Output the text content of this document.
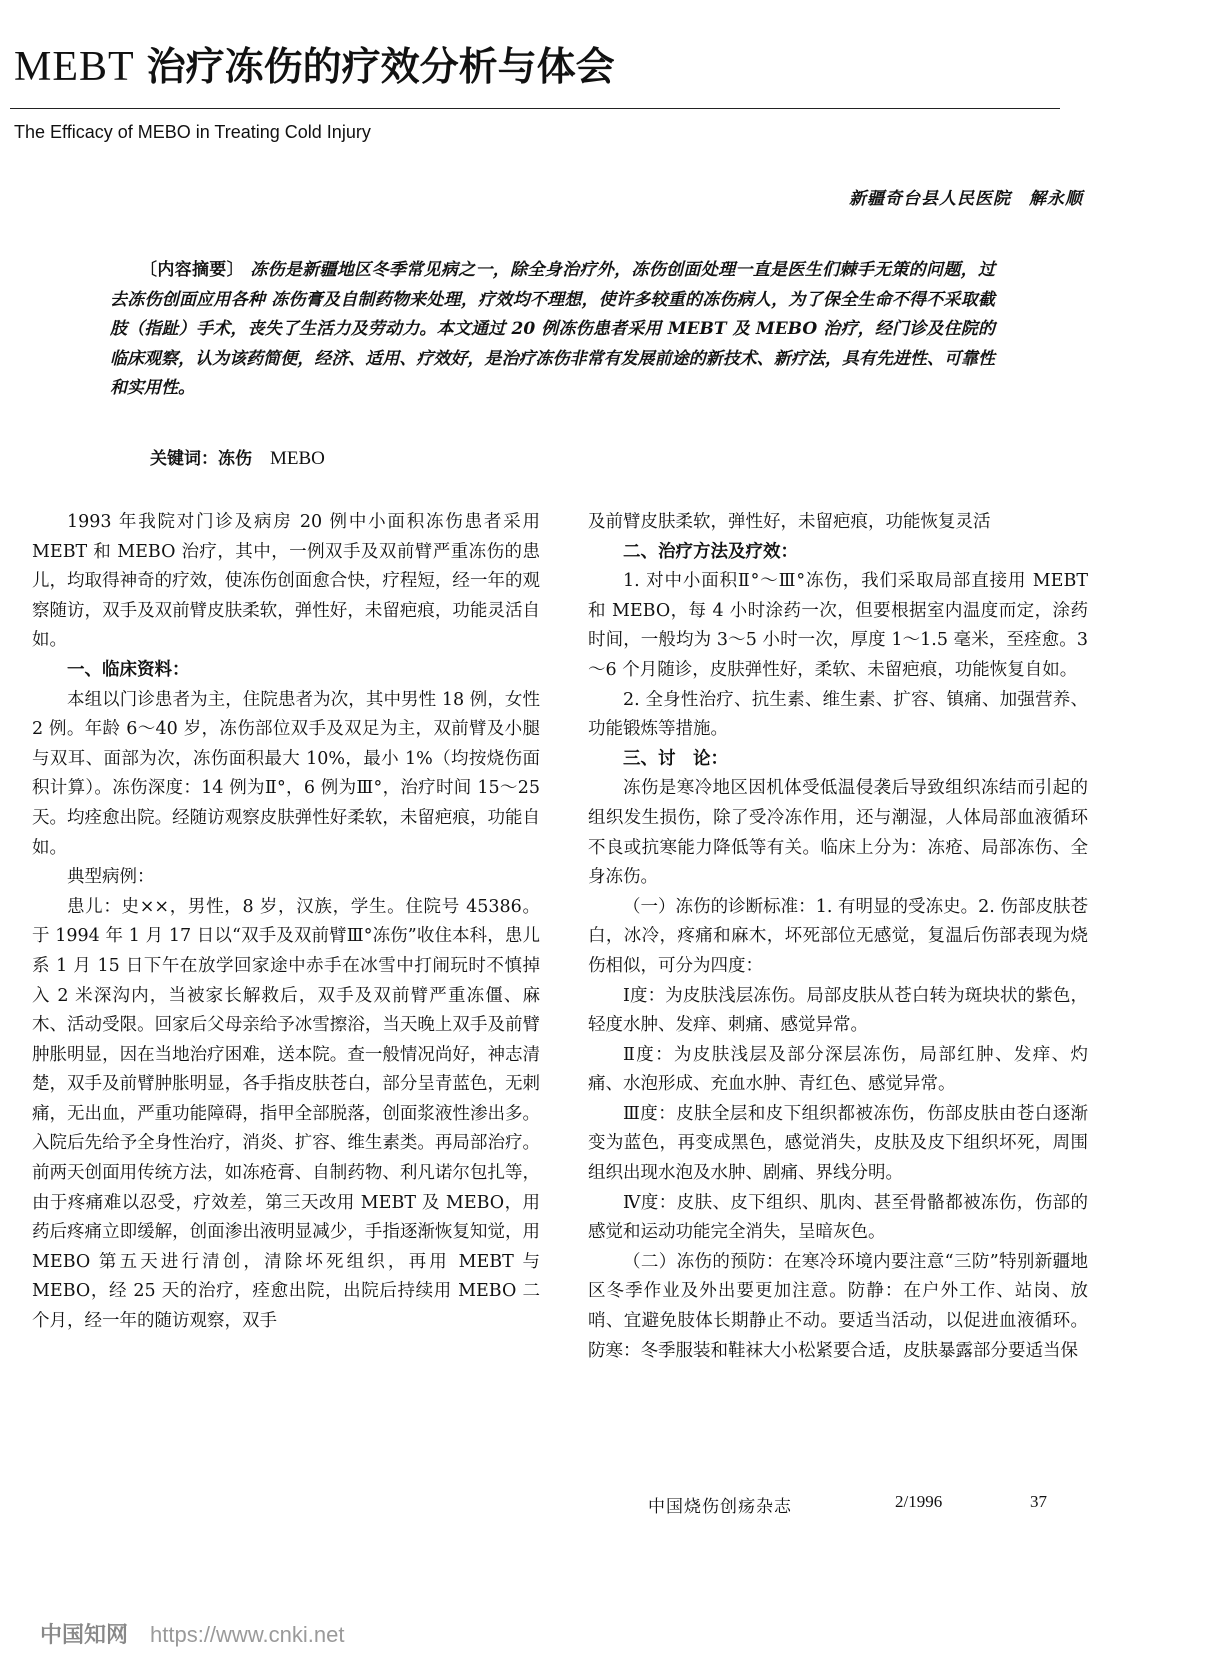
MEBT 治疗冻伤的疗效分析与体会
The Efficacy of MEBO in Treating Cold Injury
新疆奇台县人民医院 解永顺
〔内容摘要〕 冻伤是新疆地区冬季常见病之一，除全身治疗外，冻伤创面处理一直是医生们棘手无策的问题，过去冻伤创面应用各种 冻伤膏及自制药物来处理，疗效均不理想，使许多较重的冻伤病人，为了保全生命不得不采取截肢（指趾）手术，丧失了生活力及劳动力。本文通过 20 例冻伤患者采用 MEBT 及 MEBO 治疗，经门诊及住院的临床观察，认为该药简便，经济、适用、疗效好，是治疗冻伤非常有发展前途的新技术、新疗法，具有先进性、可靠性和实用性。
关键词：冻伤 MEBO

1993 年我院对门诊及病房 20 例中小面积冻伤患者采用MEBT 和 MEBO 治疗，其中，一例双手及双前臂严重冻伤的患儿，均取得神奇的疗效，使冻伤创面愈合快，疗程短，经一年的观察随访，双手及双前臂皮肤柔软，弹性好，未留疤痕，功能灵活自如。

一、临床资料：

本组以门诊患者为主，住院患者为次，其中男性 18 例，女性 2 例。年龄 6～40 岁，冻伤部位双手及双足为主，双前臂及小腿与双耳、面部为次，冻伤面积最大 10%，最小 1%（均按烧伤面积计算）。冻伤深度：14 例为Ⅱ°，6 例为Ⅲ°，治疗时间 15～25 天。均痊愈出院。经随访观察皮肤弹性好柔软，未留疤痕，功能自如。

典型病例：

患儿：史××，男性，8 岁，汉族，学生。住院号 45386。于 1994 年 1 月 17 日以“双手及双前臂Ⅲ°冻伤”收住本科，患儿系 1 月 15 日下午在放学回家途中赤手在冰雪中打闹玩时不慎掉入 2 米深沟内，当被家长解救后，双手及双前臂严重冻僵、麻木、活动受限。回家后父母亲给予冰雪擦浴，当天晚上双手及前臂肿胀明显，因在当地治疗困难，送本院。查一般情况尚好，神志清楚，双手及前臂肿胀明显，各手指皮肤苍白，部分呈青蓝色，无刺痛，无出血，严重功能障碍，指甲全部脱落，创面浆液性渗出多。入院后先给予全身性治疗，消炎、扩容、维生素类。再局部治疗。前两天创面用传统方法，如冻疮膏、自制药物、利凡诺尔包扎等，由于疼痛难以忍受，疗效差，第三天改用 MEBT 及 MEBO，用药后疼痛立即缓解，创面渗出液明显减少，手指逐渐恢复知觉，用 MEBO 第五天进行清创，清除坏死组织，再用 MEBT 与 MEBO，经 25 天的治疗，痊愈出院，出院后持续用 MEBO 二个月，经一年的随访观察，双手

及前臂皮肤柔软，弹性好，未留疤痕，功能恢复灵活

二、治疗方法及疗效：

1. 对中小面积Ⅱ°～Ⅲ°冻伤，我们采取局部直接用 MEBT 和 MEBO，每 4 小时涂药一次，但要根据室内温度而定，涂药时间，一般均为 3～5 小时一次，厚度 1～1.5 毫米，至痊愈。3～6 个月随诊，皮肤弹性好，柔软、未留疤痕，功能恢复自如。

2. 全身性治疗、抗生素、维生素、扩容、镇痛、加强营养、功能锻炼等措施。

三、讨　论：

冻伤是寒冷地区因机体受低温侵袭后导致组织冻结而引起的组织发生损伤，除了受冷冻作用，还与潮湿，人体局部血液循环不良或抗寒能力降低等有关。临床上分为：冻疮、局部冻伤、全身冻伤。

（一）冻伤的诊断标准：1. 有明显的受冻史。2. 伤部皮肤苍白，冰冷，疼痛和麻木，坏死部位无感觉，复温后伤部表现为烧伤相似，可分为四度：

Ⅰ度：为皮肤浅层冻伤。局部皮肤从苍白转为斑块状的紫色，轻度水肿、发痒、刺痛、感觉异常。

Ⅱ度：为皮肤浅层及部分深层冻伤，局部红肿、发痒、灼痛、水泡形成、充血水肿、青红色、感觉异常。

Ⅲ度：皮肤全层和皮下组织都被冻伤，伤部皮肤由苍白逐渐变为蓝色，再变成黑色，感觉消失，皮肤及皮下组织坏死，周围组织出现水泡及水肿、剧痛、界线分明。

Ⅳ度：皮肤、皮下组织、肌肉、甚至骨骼都被冻伤，伤部的感觉和运动功能完全消失，呈暗灰色。

（二）冻伤的预防：在寒冷环境内要注意“三防”特别新疆地区冬季作业及外出要更加注意。防静：在户外工作、站岗、放哨、宜避免肢体长期静止不动。要适当活动，以促进血液循环。防寒：冬季服装和鞋袜大小松紧要合适，皮肤暴露部分要适当保

中国烧伤创疡杂志	2/1996	37
中国知网 https://www.cnki.net
